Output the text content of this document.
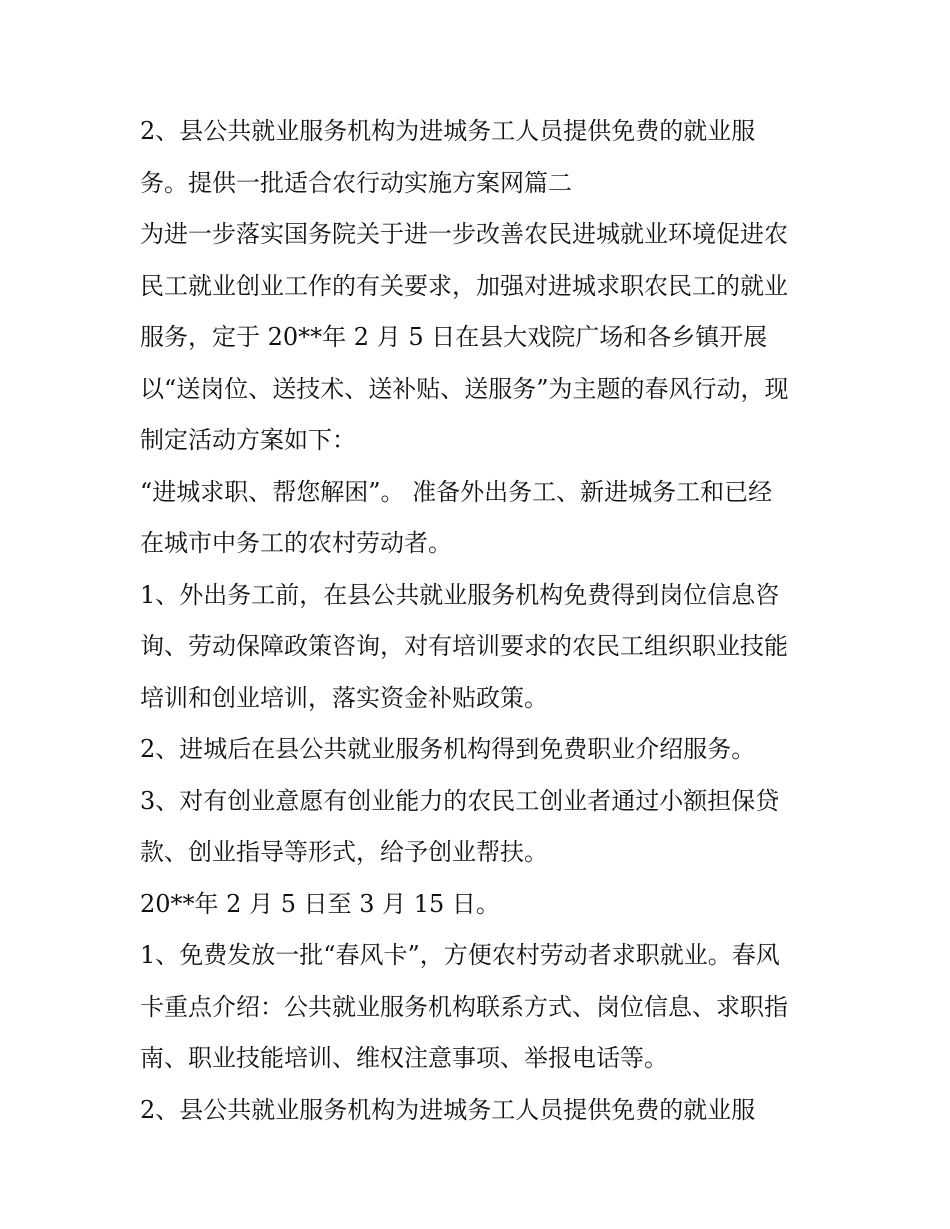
2、县公共就业服务机构为进城务工人员提供免费的就业服
务。提供一批适合农行动实施方案网篇二
为进一步落实国务院关于进一步改善农民进城就业环境促进农
民工就业创业工作的有关要求，加强对进城求职农民工的就业
服务，定于 20**年 2 月 5 日在县大戏院广场和各乡镇开展
以“送岗位、送技术、送补贴、送服务”为主题的春风行动，现
制定活动方案如下：
“进城求职、帮您解困”。 准备外出务工、新进城务工和已经
在城市中务工的农村劳动者。
1、外出务工前，在县公共就业服务机构免费得到岗位信息咨
询、劳动保障政策咨询，对有培训要求的农民工组织职业技能
培训和创业培训，落实资金补贴政策。
2、进城后在县公共就业服务机构得到免费职业介绍服务。
3、对有创业意愿有创业能力的农民工创业者通过小额担保贷
款、创业指导等形式，给予创业帮扶。
20**年 2 月 5 日至 3 月 15 日。
1、免费发放一批“春风卡”，方便农村劳动者求职就业。春风
卡重点介绍：公共就业服务机构联系方式、岗位信息、求职指
南、职业技能培训、维权注意事项、举报电话等。
2、县公共就业服务机构为进城务工人员提供免费的就业服
